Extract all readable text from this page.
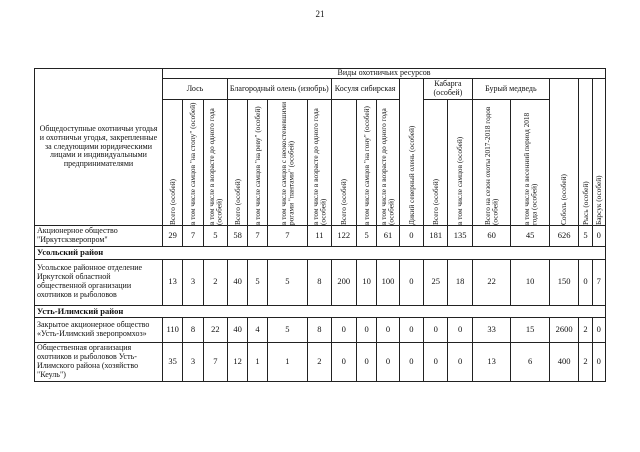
21
Общедоступные охотничьи угодья и охотничьи угодья, закрепленные за следующими юридическими лицами и индивидуальными предпринимателями	Виды охотничьих ресурсов																	
	Лось			Благородный олень (изюбрь)				Косуля сибирская			Дикий северный олень (особей)	Кабарга (особей)		Бурый медведь		Соболь (особей)	Рысь (особей)	Барсук (особей)

	Всего (особей)	в том числе самцов "на стопу" (особей)	в том числе в возрасте до одного года (особей)	Всего (особей)	в том числе самцов "на реву" (особей)	в том числе самцов с неокостеневшими рогами "пантами" (особей)	в том числе в возрасте до одного года (особей)	Всего (особей)	в том числе самцов "на гону" (особей)	в том числе в возрасте до одного года (особей)		Всего (особей)	в том числе самцов (особей)	Всего на сезон охоты 2017-2018 годов (особей)	в том числе в весенний период 2018 года (особей)			

Акционерное общество "Иркутскзверопром"	29	7	5	58	7	7	11	122	5	61	0	181	135	60	45	626	5	0
Усольский район																		
Усольское районное отделение Иркутской областной общественной организации охотников и рыболовов	13	3	2	40	5	5	8	200	10	100	0	25	18	22	10	150	0	7
Усть-Илимский район																		
Закрытое акционерное общество «Усть-Илимский зверопромхоз»	110	8	22	40	4	5	8	0	0	0	0	0	0	33	15	2600	2	0
Общественная организация охотников и рыболовов Усть-Илимского района (хозяйство "Кеуль")	35	3	7	12	1	1	2	0	0	0	0	0	0	13	6	400	2	0
